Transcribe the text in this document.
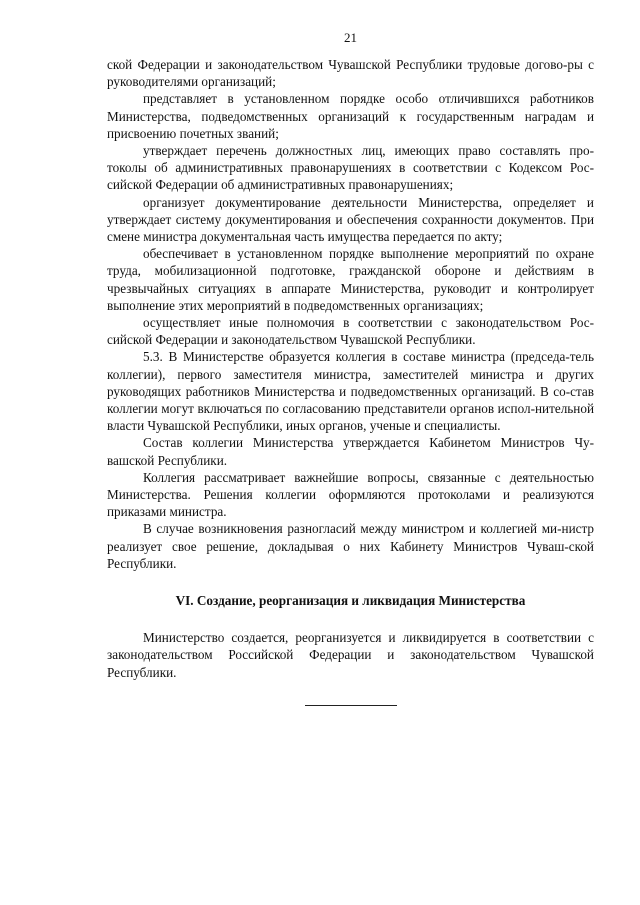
21

ской Федерации и законодательством Чувашской Республики трудовые догово-ры с руководителями организаций;

представляет в установленном порядке особо отличившихся работников Министерства, подведомственных организаций к государственным наградам и присвоению почетных званий;

утверждает перечень должностных лиц, имеющих право составлять про-токолы об административных правонарушениях в соответствии с Кодексом Рос-сийской Федерации об административных правонарушениях;

организует документирование деятельности Министерства, определяет и утверждает систему документирования и обеспечения сохранности документов. При смене министра документальная часть имущества передается по акту;

обеспечивает в установленном порядке выполнение мероприятий по охране труда, мобилизационной подготовке, гражданской обороне и действиям в чрезвычайных ситуациях в аппарате Министерства, руководит и контролирует выполнение этих мероприятий в подведомственных организациях;

осуществляет иные полномочия в соответствии с законодательством Рос-сийской Федерации и законодательством Чувашской Республики.

5.3. В Министерстве образуется коллегия в составе министра (председа-тель коллегии), первого заместителя министра, заместителей министра и других руководящих работников Министерства и подведомственных организаций. В со-став коллегии могут включаться по согласованию представители органов испол-нительной власти Чувашской Республики, иных органов, ученые и специалисты.

Состав коллегии Министерства утверждается Кабинетом Министров Чу-вашской Республики.

Коллегия рассматривает важнейшие вопросы, связанные с деятельностью Министерства. Решения коллегии оформляются протоколами и реализуются приказами министра.

В случае возникновения разногласий между министром и коллегией ми-нистр реализует свое решение, докладывая о них Кабинету Министров Чуваш-ской Республики.

VI. Создание, реорганизация и ликвидация Министерства

Министерство создается, реорганизуется и ликвидируется в соответствии с законодательством Российской Федерации и законодательством Чувашской Республики.
